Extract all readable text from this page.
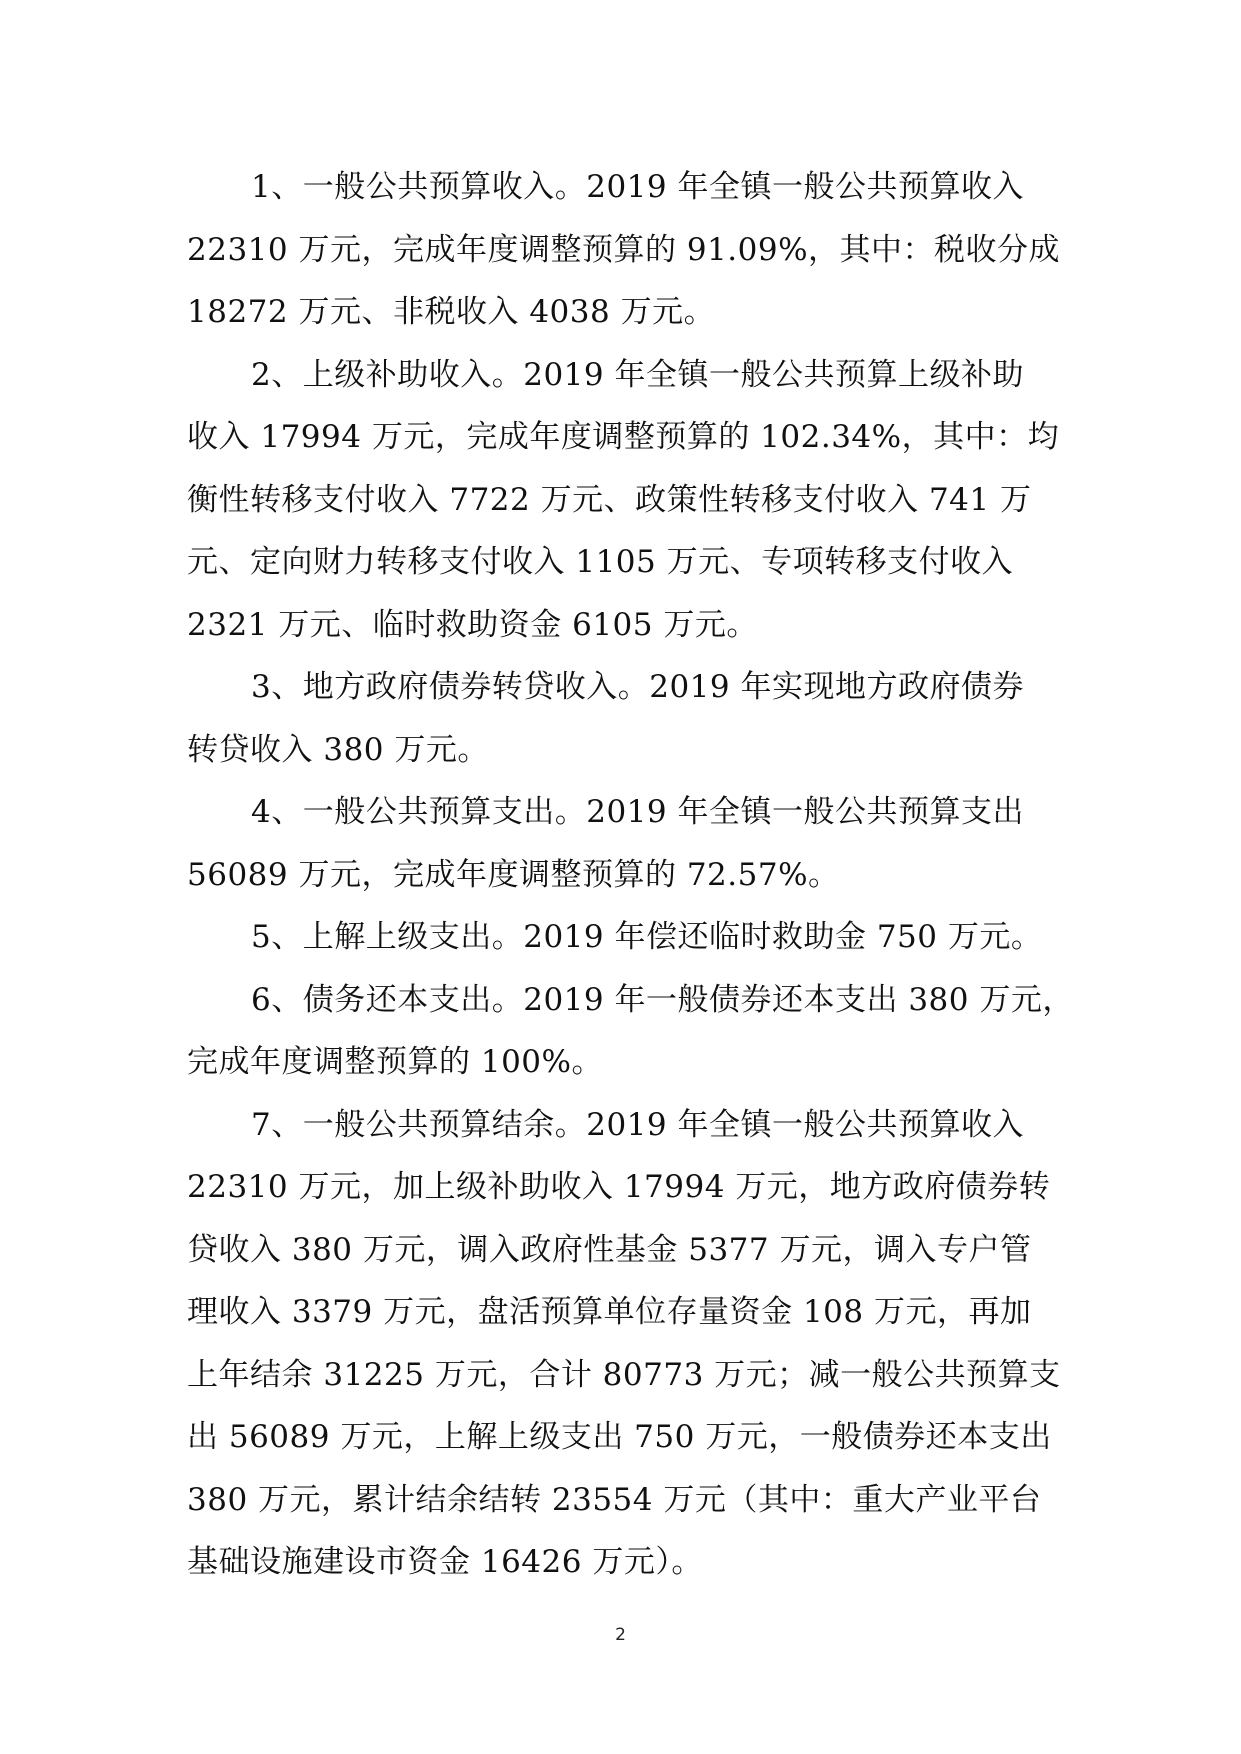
1、一般公共预算收入。2019 年全镇一般公共预算收入
22310 万元，完成年度调整预算的 91.09%，其中：税收分成
18272 万元、非税收入 4038 万元。

2、上级补助收入。2019 年全镇一般公共预算上级补助
收入 17994 万元，完成年度调整预算的 102.34%，其中：均
衡性转移支付收入 7722 万元、政策性转移支付收入 741 万
元、定向财力转移支付收入 1105 万元、专项转移支付收入
2321 万元、临时救助资金 6105 万元。

3、地方政府债券转贷收入。2019 年实现地方政府债券
转贷收入 380 万元。

4、一般公共预算支出。2019 年全镇一般公共预算支出
56089 万元，完成年度调整预算的 72.57%。

5、上解上级支出。2019 年偿还临时救助金 750 万元。

6、债务还本支出。2019 年一般债券还本支出 380 万元，
完成年度调整预算的 100%。

7、一般公共预算结余。2019 年全镇一般公共预算收入
22310 万元，加上级补助收入 17994 万元，地方政府债券转
贷收入 380 万元，调入政府性基金 5377 万元，调入专户管
理收入 3379 万元，盘活预算单位存量资金 108 万元，再加
上年结余 31225 万元，合计 80773 万元；减一般公共预算支
出 56089 万元，上解上级支出 750 万元，一般债券还本支出
380 万元，累计结余结转 23554 万元（其中：重大产业平台
基础设施建设市资金 16426 万元）。

2
